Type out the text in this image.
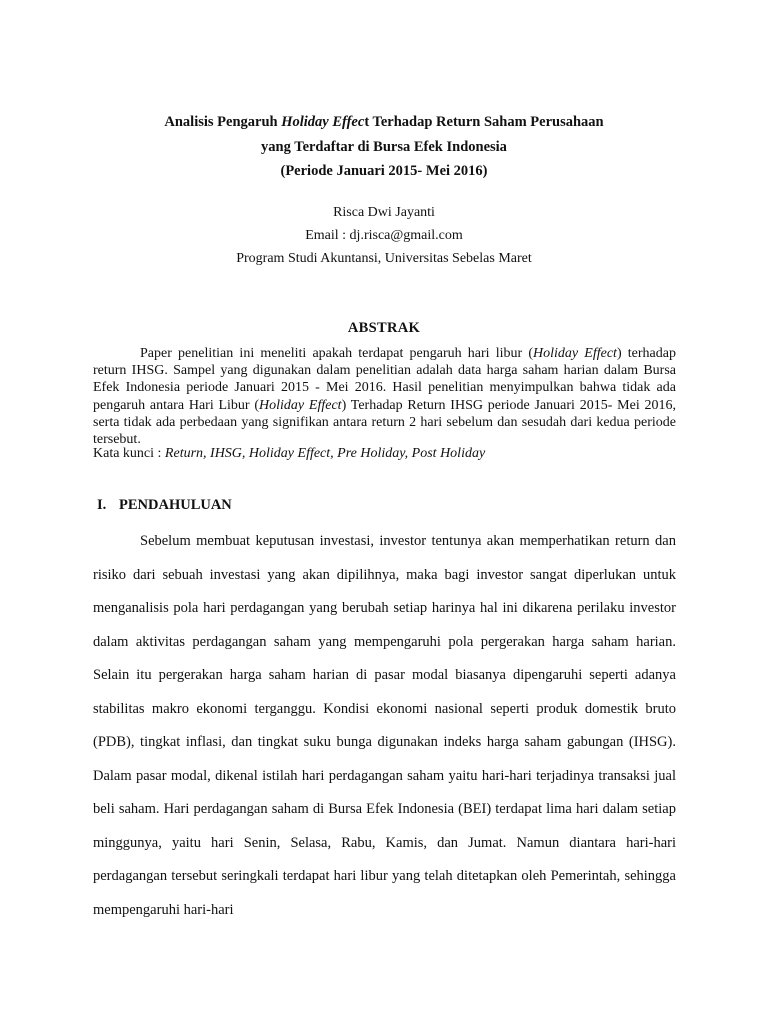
Analisis Pengaruh Holiday Effect Terhadap Return Saham Perusahaan
yang Terdaftar di Bursa Efek Indonesia
(Periode Januari 2015- Mei 2016)
Risca Dwi Jayanti
Email : dj.risca@gmail.com
Program Studi Akuntansi, Universitas Sebelas Maret
ABSTRAK

Paper penelitian ini meneliti apakah terdapat pengaruh hari libur (Holiday Effect) terhadap return IHSG. Sampel yang digunakan dalam penelitian adalah data harga saham harian dalam Bursa Efek Indonesia periode Januari 2015 - Mei 2016. Hasil penelitian menyimpulkan bahwa tidak ada pengaruh antara Hari Libur (Holiday Effect) Terhadap Return IHSG periode Januari 2015- Mei 2016, serta tidak ada perbedaan yang signifikan antara return 2 hari sebelum dan sesudah dari kedua periode tersebut.

Kata kunci : Return, IHSG, Holiday Effect, Pre Holiday, Post Holiday
I. PENDAHULUAN

Sebelum membuat keputusan investasi, investor tentunya akan memperhatikan return dan risiko dari sebuah investasi yang akan dipilihnya, maka bagi investor sangat diperlukan untuk menganalisis pola hari perdagangan yang berubah setiap harinya hal ini dikarena perilaku investor dalam aktivitas perdagangan saham yang mempengaruhi pola pergerakan harga saham harian. Selain itu pergerakan harga saham harian di pasar modal biasanya dipengaruhi seperti adanya stabilitas makro ekonomi terganggu. Kondisi ekonomi nasional seperti produk domestik bruto (PDB), tingkat inflasi, dan tingkat suku bunga digunakan indeks harga saham gabungan (IHSG). Dalam pasar modal, dikenal istilah hari perdagangan saham yaitu hari-hari terjadinya transaksi jual beli saham. Hari perdagangan saham di Bursa Efek Indonesia (BEI) terdapat lima hari dalam setiap minggunya, yaitu hari Senin, Selasa, Rabu, Kamis, dan Jumat. Namun diantara hari-hari perdagangan tersebut seringkali terdapat hari libur yang telah ditetapkan oleh Pemerintah, sehingga mempengaruhi hari-hari
